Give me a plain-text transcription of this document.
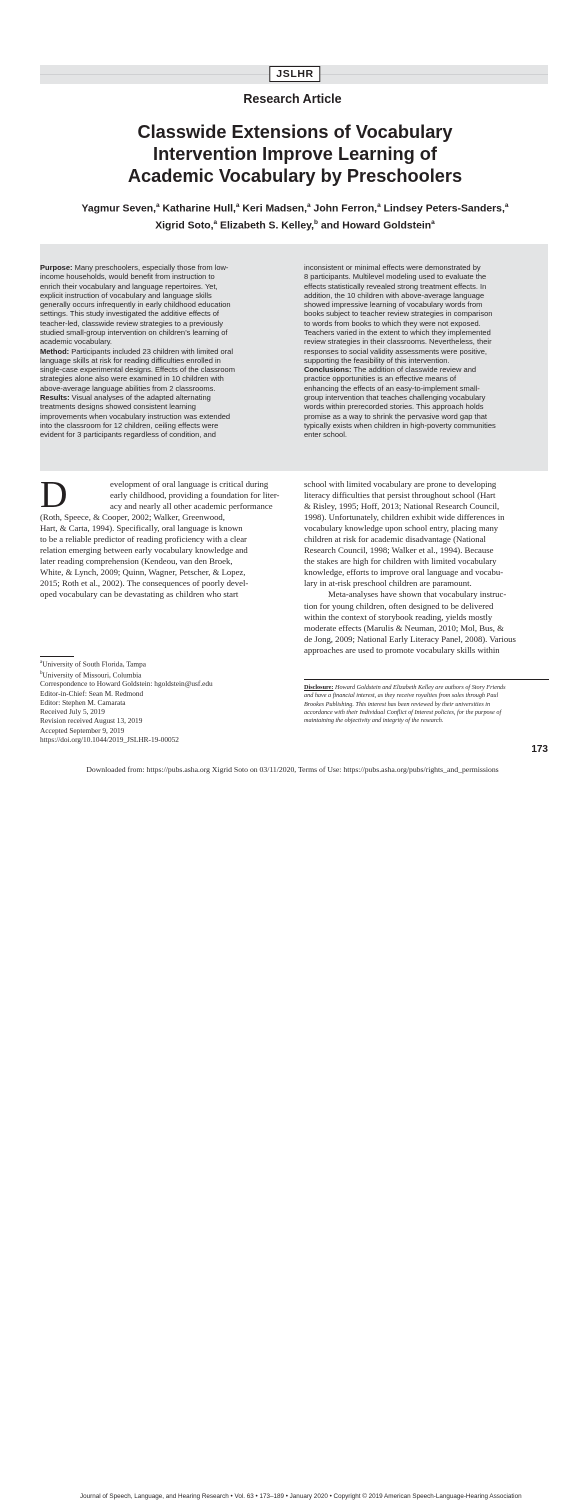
JSLHR
Research Article
Classwide Extensions of Vocabulary
Intervention Improve Learning of
Academic Vocabulary by Preschoolers
Yagmur Seven,$^a$ Katharine Hull,$^a$ Keri Madsen,$^a$ John Ferron,$^a$ Lindsey Peters-Sanders,$^a$
Xigrid Soto,$^a$ Elizabeth S. Kelley,$^b$ and Howard Goldstein$^a$
Purpose: Many preschoolers, especially those from low-
income households, would benefit from instruction to
enrich their vocabulary and language repertoires. Yet,
explicit instruction of vocabulary and language skills
generally occurs infrequently in early childhood education
settings. This study investigated the additive effects of
teacher-led, classwide review strategies to a previously
studied small-group intervention on children’s learning of
academic vocabulary.
Method: Participants included 23 children with limited oral
language skills at risk for reading difficulties enrolled in
single-case experimental designs. Effects of the classroom
strategies alone also were examined in 10 children with
above-average language abilities from 2 classrooms.
Results: Visual analyses of the adapted alternating
treatments designs showed consistent learning
improvements when vocabulary instruction was extended
into the classroom for 12 children, ceiling effects were
evident for 3 participants regardless of condition, and
inconsistent or minimal effects were demonstrated by
8 participants. Multilevel modeling used to evaluate the
effects statistically revealed strong treatment effects. In
addition, the 10 children with above-average language
showed impressive learning of vocabulary words from
books subject to teacher review strategies in comparison
to words from books to which they were not exposed.
Teachers varied in the extent to which they implemented
review strategies in their classrooms. Nevertheless, their
responses to social validity assessments were positive,
supporting the feasibility of this intervention.
Conclusions: The addition of classwide review and
practice opportunities is an effective means of
enhancing the effects of an easy-to-implement small-
group intervention that teaches challenging vocabulary
words within prerecorded stories. This approach holds
promise as a way to shrink the pervasive word gap that
typically exists when children in high-poverty communities
enter school.
D	evelopment of oral language is critical during
early childhood, providing a foundation for liter-
acy and nearly all other academic performance
(Roth, Speece, & Cooper, 2002; Walker, Greenwood,
Hart, & Carta, 1994). Specifically, oral language is known
to be a reliable predictor of reading proficiency with a clear
relation emerging between early vocabulary knowledge and
later reading comprehension (Kendeou, van den Broek,
White, & Lynch, 2009; Quinn, Wagner, Petscher, & Lopez,
2015; Roth et al., 2002). The consequences of poorly devel-
oped vocabulary can be devastating as children who start
school with limited vocabulary are prone to developing
literacy difficulties that persist throughout school (Hart
& Risley, 1995; Hoff, 2013; National Research Council,
1998). Unfortunately, children exhibit wide differences in
vocabulary knowledge upon school entry, placing many
children at risk for academic disadvantage (National
Research Council, 1998; Walker et al., 1994). Because
the stakes are high for children with limited vocabulary
knowledge, efforts to improve oral language and vocabu-
lary in at-risk preschool children are paramount.
Meta-analyses have shown that vocabulary instruc-
tion for young children, often designed to be delivered
within the context of storybook reading, yields mostly
moderate effects (Marulis & Neuman, 2010; Mol, Bus, &
de Jong, 2009; National Early Literacy Panel, 2008). Various
approaches are used to promote vocabulary skills within
$^a$University of South Florida, Tampa
$^b$University of Missouri, Columbia
Correspondence to Howard Goldstein: hgoldstein@usf.edu
Editor-in-Chief: Sean M. Redmond
Editor: Stephen M. Camarata
Received July 5, 2019
Revision received August 13, 2019
Accepted September 9, 2019
https://doi.org/10.1044/2019_JSLHR-19-00052
Disclosure: Howard Goldstein and Elizabeth Kelley are authors of Story Friends
and have a financial interest, as they receive royalties from sales through Paul
Brookes Publishing. This interest has been reviewed by their universities in
accordance with their Individual Conflict of Interest policies, for the purpose of
maintaining the objectivity and integrity of the research.
Journal of Speech, Language, and Hearing Research • Vol. 63 • 173–189 • January 2020 • Copyright © 2019 American Speech-Language-Hearing Association
173
Downloaded from: https://pubs.asha.org Xigrid Soto on 03/11/2020, Terms of Use: https://pubs.asha.org/pubs/rights_and_permissions
